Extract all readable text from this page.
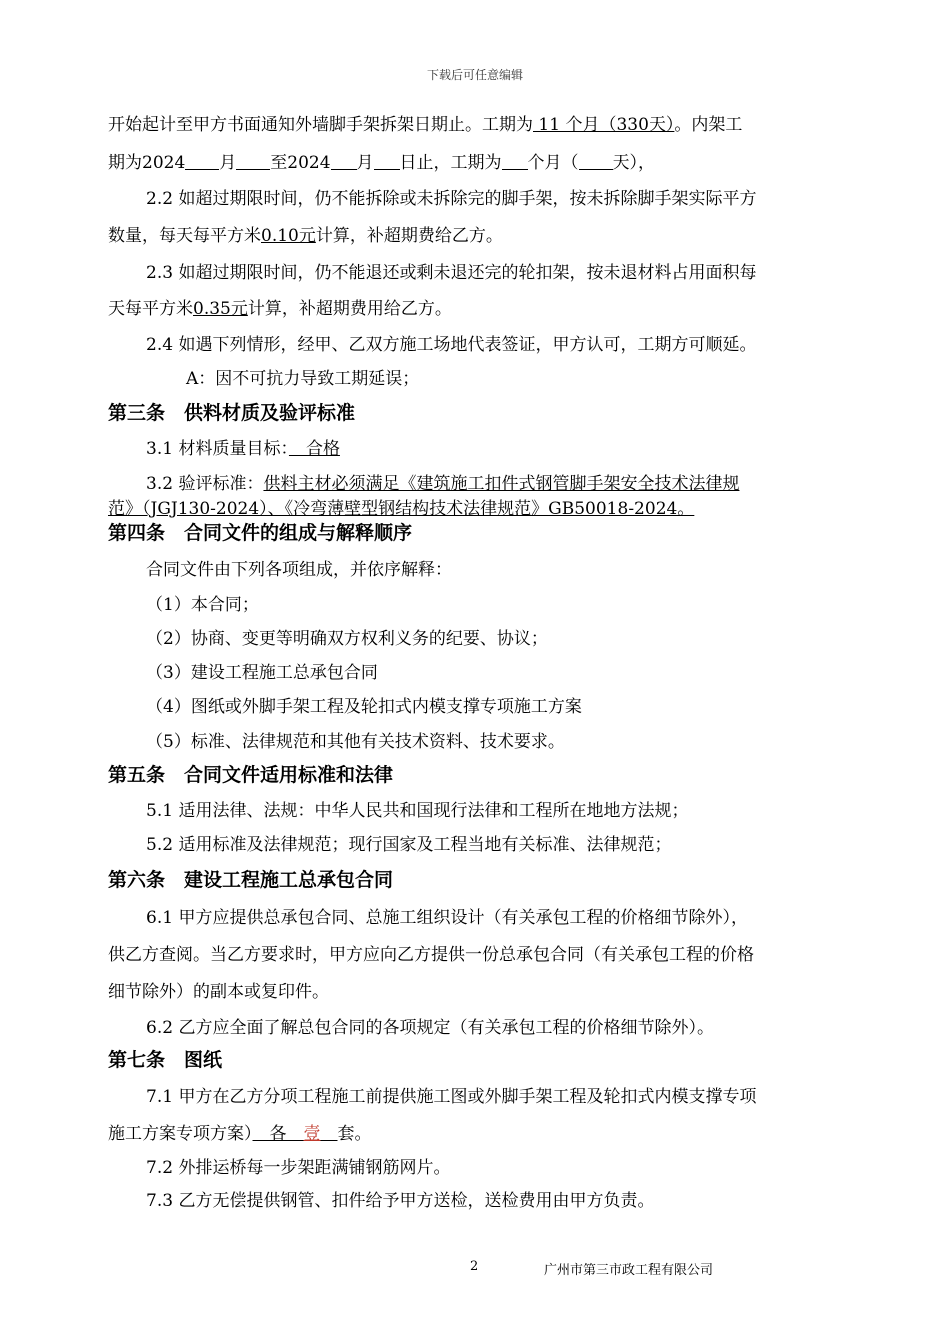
下载后可任意编辑
开始起计至甲方书面通知外墙脚手架拆架日期止。工期为 11 个月（330天）。内架工
期为2024 月 至2024 月 日止，工期为 个月（ 天），
2.2 如超过期限时间，仍不能拆除或未拆除完的脚手架，按未拆除脚手架实际平方
数量，每天每平方米0.10元计算，补超期费给乙方。
2.3 如超过期限时间，仍不能退还或剩未退还完的轮扣架，按未退材料占用面积每
天每平方米0.35元计算，补超期费用给乙方。
2.4 如遇下列情形，经甲、乙双方施工场地代表签证，甲方认可，工期方可顺延。
A：因不可抗力导致工期延误；
第三条　供料材质及验评标准
3.1 材料质量目标：　合格
3.2 验评标准：供料主材必须满足《建筑施工扣件式钢管脚手架安全技术法律规
范》（JGJ130-2024）、《冷弯薄壁型钢结构技术法律规范》GB50018-2024。
第四条　合同文件的组成与解释顺序
合同文件由下列各项组成，并依序解释：
（1）本合同；
（2）协商、变更等明确双方权利义务的纪要、协议；
（3）建设工程施工总承包合同
（4）图纸或外脚手架工程及轮扣式内模支撑专项施工方案
（5）标准、法律规范和其他有关技术资料、技术要求。
第五条　合同文件适用标准和法律
5.1 适用法律、法规：中华人民共和国现行法律和工程所在地地方法规；
5.2 适用标准及法律规范；现行国家及工程当地有关标准、法律规范；
第六条　建设工程施工总承包合同
6.1 甲方应提供总承包合同、总施工组织设计（有关承包工程的价格细节除外），
供乙方查阅。当乙方要求时，甲方应向乙方提供一份总承包合同（有关承包工程的价格
细节除外）的副本或复印件。
6.2 乙方应全面了解总包合同的各项规定（有关承包工程的价格细节除外）。
第七条　图纸
7.1 甲方在乙方分项工程施工前提供施工图或外脚手架工程及轮扣式内模支撑专项
施工方案专项方案）　各　壹　 套。
7.2 外排运桥每一步架距满铺钢筋网片。
7.3 乙方无偿提供钢管、扣件给予甲方送检，送检费用由甲方负责。
2	广州市第三市政工程有限公司
